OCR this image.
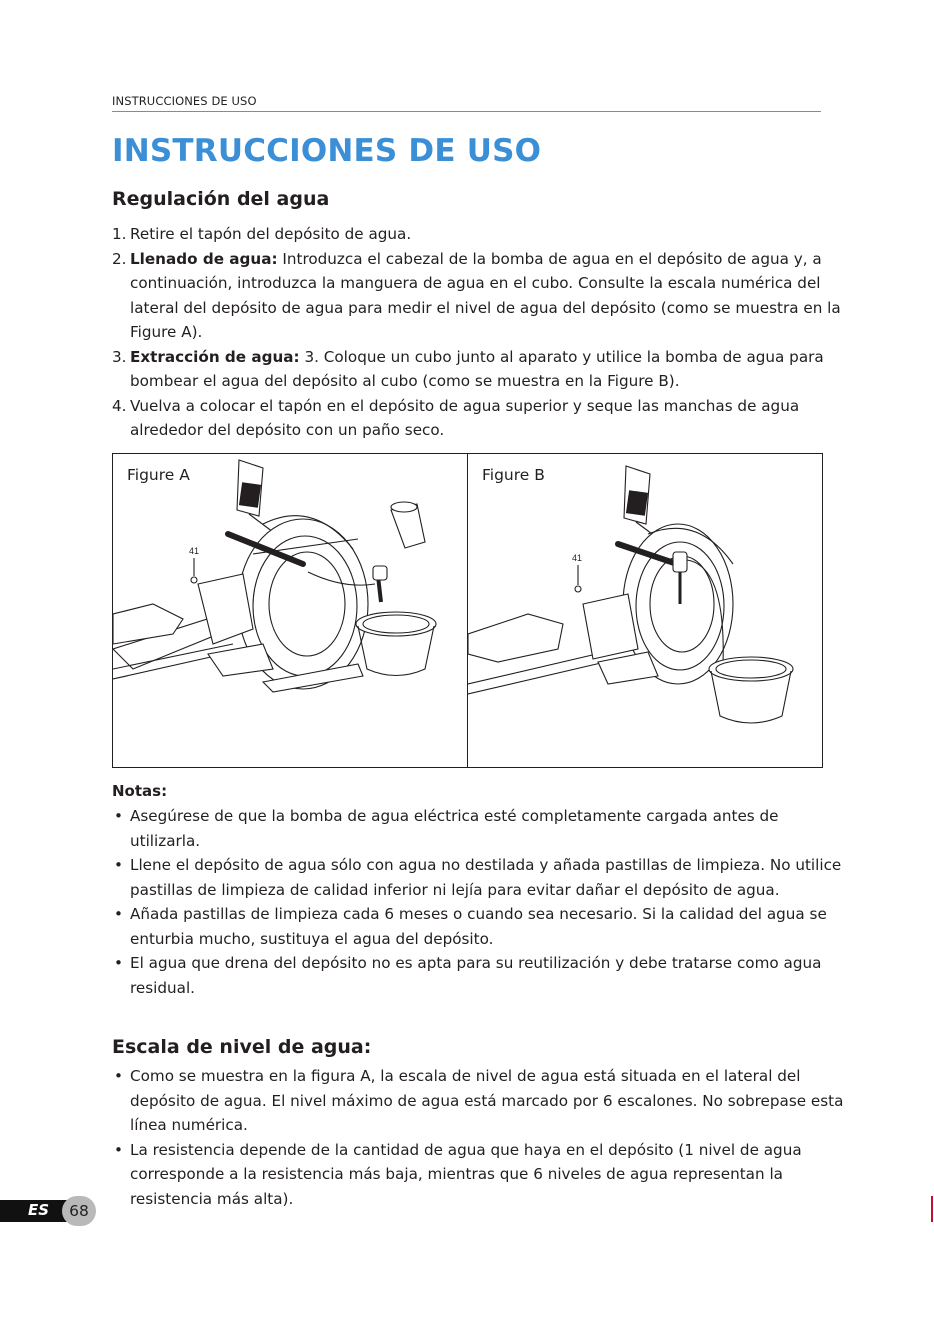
INSTRUCCIONES DE USO
INSTRUCCIONES DE USO
Regulación del agua
1. Retire el tapón del depósito de agua.
2. Llenado de agua: Introduzca el cabezal de la bomba de agua en el depósito de agua y, a continuación, introduzca la manguera de agua en el cubo. Consulte la escala numérica del lateral del depósito de agua para medir el nivel de agua del depósito (como se muestra en la Figure A).
3. Extracción de agua: 3. Coloque un cubo junto al aparato y utilice la bomba de agua para bombear el agua del depósito al cubo (como se muestra en la Figure B).
4. Vuelva a colocar el tapón en el depósito de agua superior y seque las manchas de agua alrededor del depósito con un paño seco.
Figure A
41
Figure B
41
Notas:
• Asegúrese de que la bomba de agua eléctrica esté completamente cargada antes de utilizarla.
• Llene el depósito de agua sólo con agua no destilada y añada pastillas de limpieza. No utilice pastillas de limpieza de calidad inferior ni lejía para evitar dañar el depósito de agua.
• Añada pastillas de limpieza cada 6 meses o cuando sea necesario. Si la calidad del agua se enturbia mucho, sustituya el agua del depósito.
• El agua que drena del depósito no es apta para su reutilización y debe tratarse como agua residual.
Escala de nivel de agua:
• Como se muestra en la figura A, la escala de nivel de agua está situada en el lateral del depósito de agua. El nivel máximo de agua está marcado por 6 escalones. No sobrepase esta línea numérica.
• La resistencia depende de la cantidad de agua que haya en el depósito (1 nivel de agua corresponde a la resistencia más baja, mientras que 6 niveles de agua representan la resistencia más alta).
ES	68
